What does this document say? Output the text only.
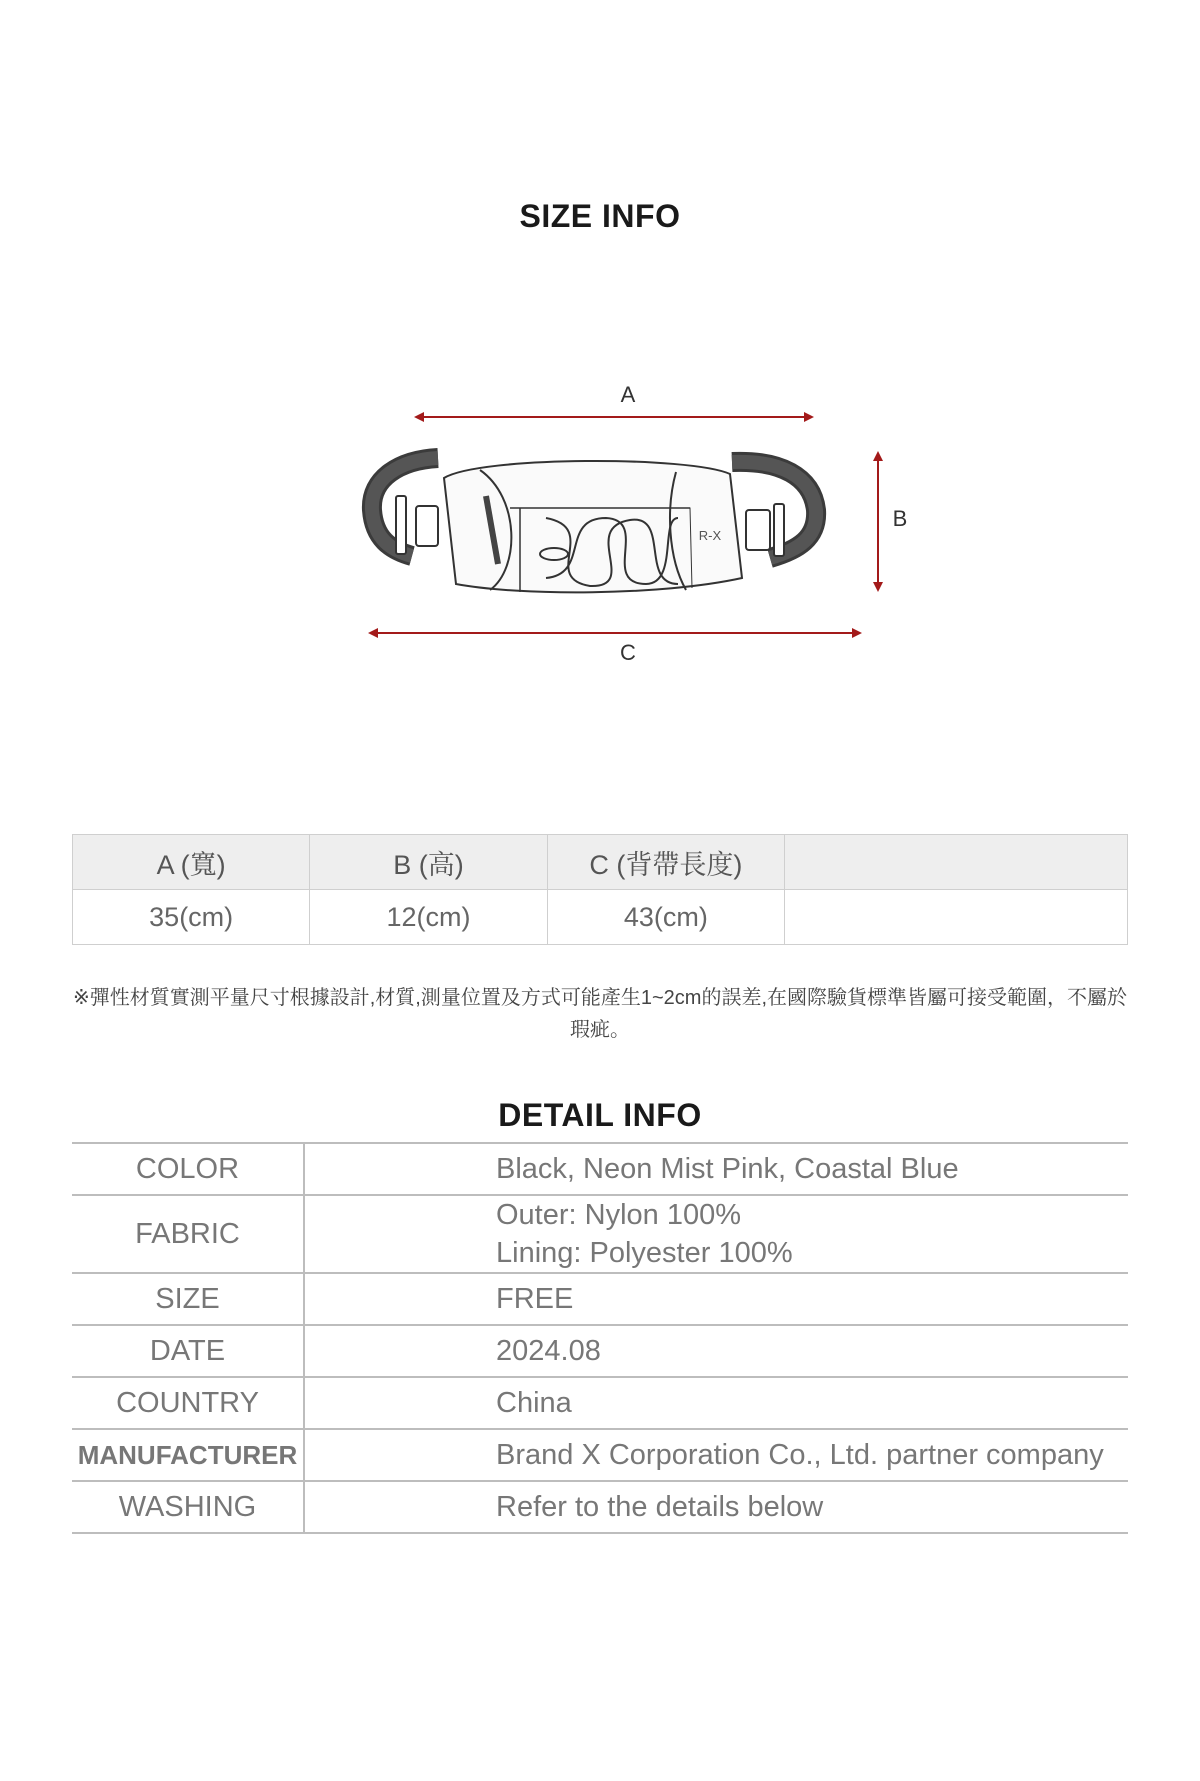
SIZE INFO
A
B
C
R-X
A (寬)	B (高)	C (背帶長度)	
35(cm)	12(cm)	43(cm)	
※彈性材質實測平量尺寸根據設計,材質,測量位置及方式可能產生1~2cm的誤差,在國際驗貨標準皆屬可接受範圍，不屬於瑕疵。
DETAIL INFO
COLOR	Black, Neon Mist Pink, Coastal Blue

FABRIC	Outer: Nylon 100%
Lining: Polyester 100%

SIZE	FREE

DATE	2024.08

COUNTRY	China

MANUFACTURER	Brand X Corporation Co., Ltd. partner company

WASHING	Refer to the details below
